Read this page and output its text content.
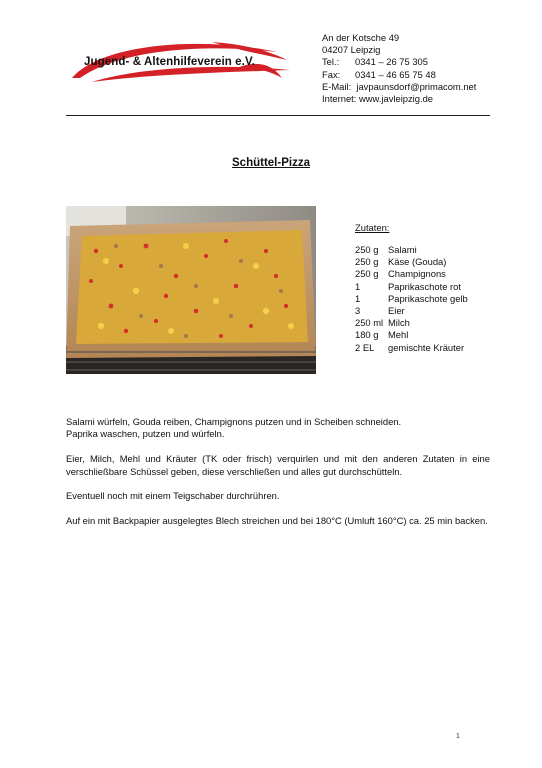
Jugend- & Altenhilfeverein e.V.
An der Kotsche 49
04207 Leipzig
Tel.: 0341 – 26 75 305
Fax: 0341 – 46 65 75 48
E-Mail: javpaunsdorf@primacom.net
Internet: www.javleipzig.de
Schüttel-Pizza
Zutaten:
250 g Salami
250 g Käse (Gouda)
250 g Champignons
1	Paprikaschote rot
1	Paprikaschote gelb
3	Eier
250 ml Milch
180 g Mehl
2 EL gemischte Kräuter

Salami würfeln, Gouda reiben, Champignons putzen und in Scheiben schneiden.
Paprika waschen, putzen und würfeln.

Eier, Milch, Mehl und Kräuter (TK oder frisch) verquirlen und mit den anderen Zutaten in eine verschließbare Schüssel geben, diese verschließen und alles gut durchschütteln.

Eventuell noch mit einem Teigschaber durchrühren.

Auf ein mit Backpapier ausgelegtes Blech streichen und bei 180°C (Umluft 160°C) ca. 25 min backen.

1
